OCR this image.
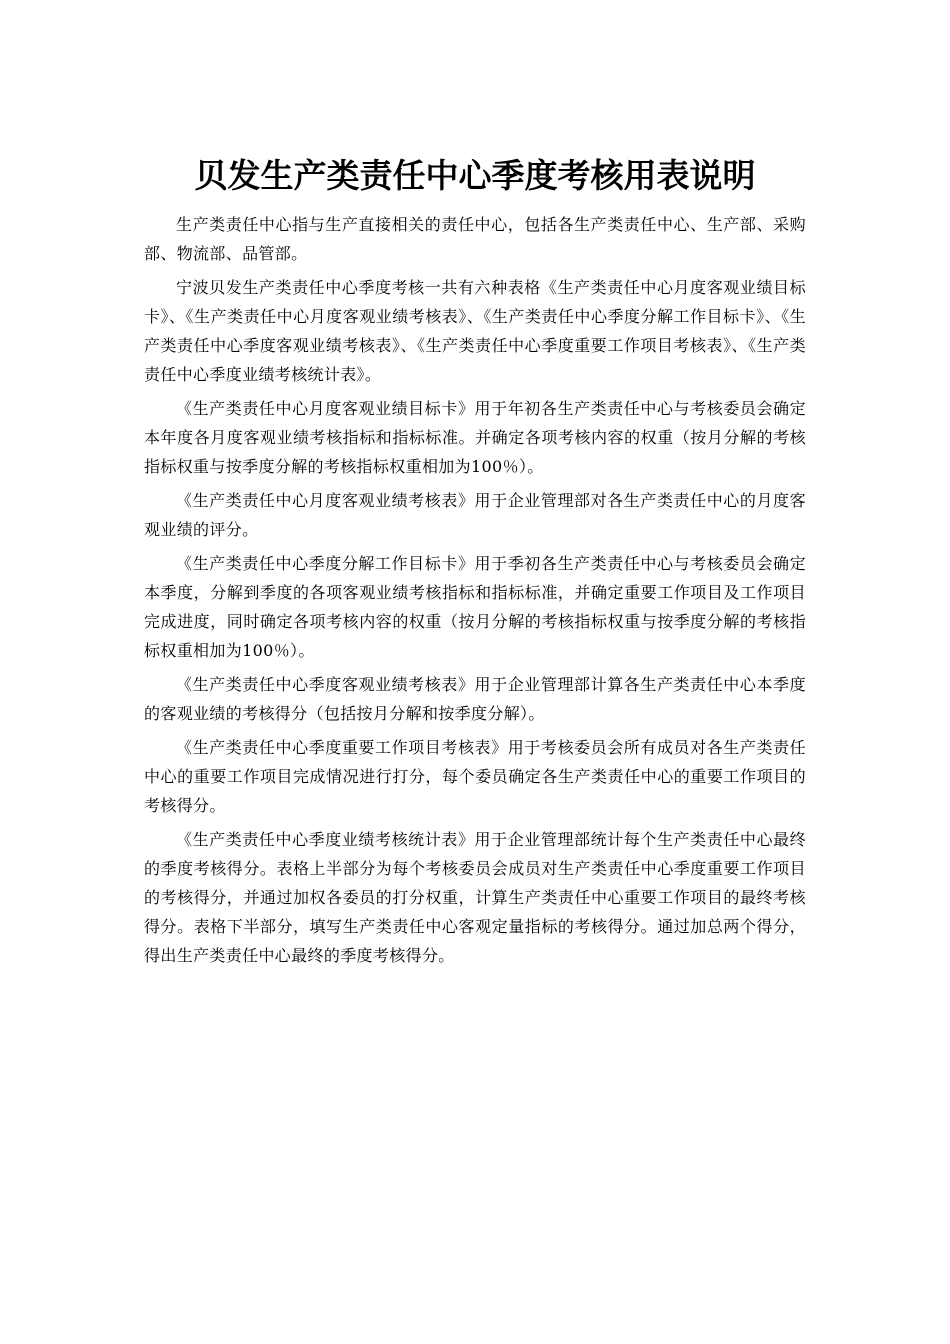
贝发生产类责任中心季度考核用表说明

生产类责任中心指与生产直接相关的责任中心，包括各生产类责任中心、生产部、采购部、物流部、品管部。

宁波贝发生产类责任中心季度考核一共有六种表格《生产类责任中心月度客观业绩目标卡》、《生产类责任中心月度客观业绩考核表》、《生产类责任中心季度分解工作目标卡》、《生产类责任中心季度客观业绩考核表》、《生产类责任中心季度重要工作项目考核表》、《生产类责任中心季度业绩考核统计表》。

《生产类责任中心月度客观业绩目标卡》用于年初各生产类责任中心与考核委员会确定本年度各月度客观业绩考核指标和指标标准。并确定各项考核内容的权重（按月分解的考核指标权重与按季度分解的考核指标权重相加为100％）。

《生产类责任中心月度客观业绩考核表》用于企业管理部对各生产类责任中心的月度客观业绩的评分。

《生产类责任中心季度分解工作目标卡》用于季初各生产类责任中心与考核委员会确定本季度，分解到季度的各项客观业绩考核指标和指标标准，并确定重要工作项目及工作项目完成进度，同时确定各项考核内容的权重（按月分解的考核指标权重与按季度分解的考核指标权重相加为100％）。

《生产类责任中心季度客观业绩考核表》用于企业管理部计算各生产类责任中心本季度的客观业绩的考核得分（包括按月分解和按季度分解）。

《生产类责任中心季度重要工作项目考核表》用于考核委员会所有成员对各生产类责任中心的重要工作项目完成情况进行打分，每个委员确定各生产类责任中心的重要工作项目的考核得分。

《生产类责任中心季度业绩考核统计表》用于企业管理部统计每个生产类责任中心最终的季度考核得分。表格上半部分为每个考核委员会成员对生产类责任中心季度重要工作项目的考核得分，并通过加权各委员的打分权重，计算生产类责任中心重要工作项目的最终考核得分。表格下半部分，填写生产类责任中心客观定量指标的考核得分。通过加总两个得分，得出生产类责任中心最终的季度考核得分。
